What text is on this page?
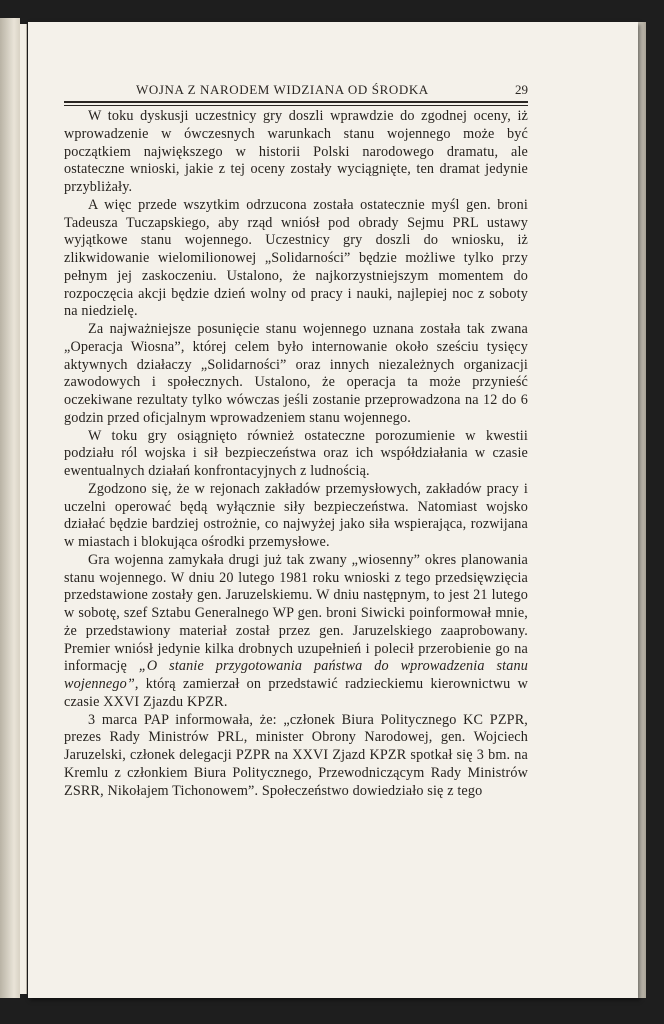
WOJNA Z NARODEM WIDZIANA OD ŚRODKA	29

W toku dyskusji uczestnicy gry doszli wprawdzie do zgodnej oceny, iż wprowadzenie w ówczesnych warunkach stanu wojennego może być początkiem największego w historii Polski narodowego dramatu, ale ostateczne wnioski, jakie z tej oceny zostały wyciągnięte, ten dramat jedynie przybliżały.

A więc przede wszytkim odrzucona została ostatecznie myśl gen. broni Tadeusza Tuczapskiego, aby rząd wniósł pod obrady Sejmu PRL ustawy wyjątkowe stanu wojennego. Uczestnicy gry doszli do wniosku, iż zlikwidowanie wielomilionowej „Solidarności” będzie możliwe tylko przy pełnym jej zaskoczeniu. Ustalono, że najkorzystniejszym momentem do rozpoczęcia akcji będzie dzień wolny od pracy i nauki, najlepiej noc z soboty na niedzielę.

Za najważniejsze posunięcie stanu wojennego uznana została tak zwana „Operacja Wiosna”, której celem było internowanie około sześciu tysięcy aktywnych działaczy „Solidarności” oraz innych niezależnych organizacji zawodowych i społecznych. Ustalono, że operacja ta może przynieść oczekiwane rezultaty tylko wówczas jeśli zostanie przeprowadzona na 12 do 6 godzin przed oficjalnym wprowadzeniem stanu wojennego.

W toku gry osiągnięto również ostateczne porozumienie w kwestii podziału ról wojska i sił bezpieczeństwa oraz ich współdziałania w czasie ewentualnych działań konfrontacyjnych z ludnością.

Zgodzono się, że w rejonach zakładów przemysłowych, zakładów pracy i uczelni operować będą wyłącznie siły bezpieczeństwa. Natomiast wojsko działać będzie bardziej ostrożnie, co najwyżej jako siła wspierająca, rozwijana w miastach i blokująca ośrodki przemysłowe.

Gra wojenna zamykała drugi już tak zwany „wiosenny” okres planowania stanu wojennego. W dniu 20 lutego 1981 roku wnioski z tego przedsięwzięcia przedstawione zostały gen. Jaruzelskiemu. W dniu następnym, to jest 21 lutego w sobotę, szef Sztabu Generalnego WP gen. broni Siwicki poinformował mnie, że przedstawiony materiał został przez gen. Jaruzelskiego zaaprobowany. Premier wniósł jedynie kilka drobnych uzupełnień i polecił przerobienie go na informację „O stanie przygotowania państwa do wprowadzenia stanu wojennego”, którą zamierzał on przedstawić radzieckiemu kierownictwu w czasie XXVI Zjazdu KPZR.

3 marca PAP informowała, że: „członek Biura Politycznego KC PZPR, prezes Rady Ministrów PRL, minister Obrony Narodowej, gen. Wojciech Jaruzelski, członek delegacji PZPR na XXVI Zjazd KPZR spotkał się 3 bm. na Kremlu z członkiem Biura Politycznego, Przewodniczącym Rady Ministrów ZSRR, Nikołajem Tichonowem”. Społeczeństwo dowiedziało się z tego
